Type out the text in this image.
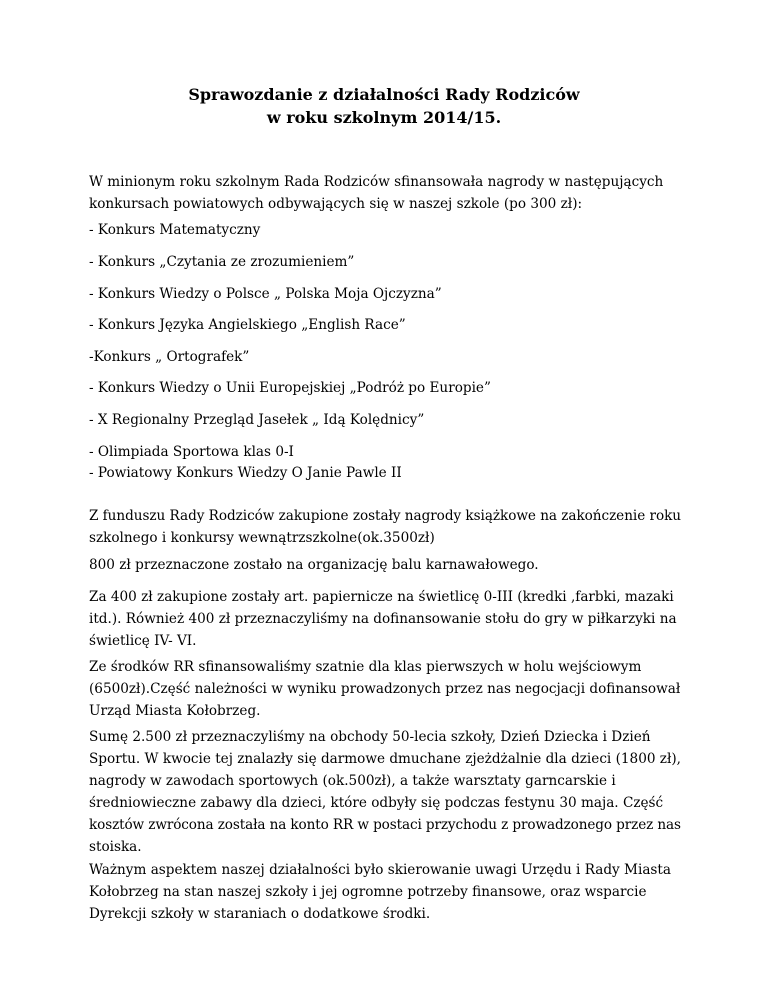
Sprawozdanie z działalności Rady Rodziców
w roku szkolnym 2014/15.
W minionym roku szkolnym Rada Rodziców sfinansowała nagrody w następujących
konkursach powiatowych odbywających się w naszej szkole (po 300 zł):
- Konkurs Matematyczny
- Konkurs „Czytania ze zrozumieniem”
- Konkurs Wiedzy o Polsce „ Polska Moja Ojczyzna”
- Konkurs Języka Angielskiego „English Race”
-Konkurs „ Ortografek”
- Konkurs Wiedzy o Unii Europejskiej „Podróż po Europie”
- X Regionalny Przegląd Jasełek „ Idą Kolędnicy”
- Olimpiada Sportowa klas 0-I
- Powiatowy Konkurs Wiedzy O Janie Pawle II
Z funduszu Rady Rodziców zakupione zostały nagrody książkowe na zakończenie roku
szkolnego i konkursy wewnątrzszkolne(ok.3500zł)
800 zł przeznaczone zostało na organizację balu karnawałowego.
Za 400 zł zakupione zostały art. papiernicze na świetlicę 0-III (kredki ,farbki, mazaki
itd.). Również 400 zł przeznaczyliśmy na dofinansowanie stołu do gry w piłkarzyki na
świetlicę IV- VI.
Ze środków RR sfinansowaliśmy szatnie dla klas pierwszych w holu wejściowym
(6500zł).Część należności w wyniku prowadzonych przez nas negocjacji dofinansował
Urząd Miasta Kołobrzeg.
Sumę 2.500 zł przeznaczyliśmy na obchody 50-lecia szkoły, Dzień Dziecka i Dzień
Sportu. W kwocie tej znalazły się darmowe dmuchane zjeżdżalnie dla dzieci (1800 zł),
nagrody w zawodach sportowych (ok.500zł), a także warsztaty garncarskie i
średniowieczne zabawy dla dzieci, które odbyły się podczas festynu 30 maja. Część
kosztów zwrócona została na konto RR w postaci przychodu z prowadzonego przez nas
stoiska.
Ważnym aspektem naszej działalności było skierowanie uwagi Urzędu i Rady Miasta
Kołobrzeg na stan naszej szkoły i jej ogromne potrzeby finansowe, oraz wsparcie
Dyrekcji szkoły w staraniach o dodatkowe środki.
